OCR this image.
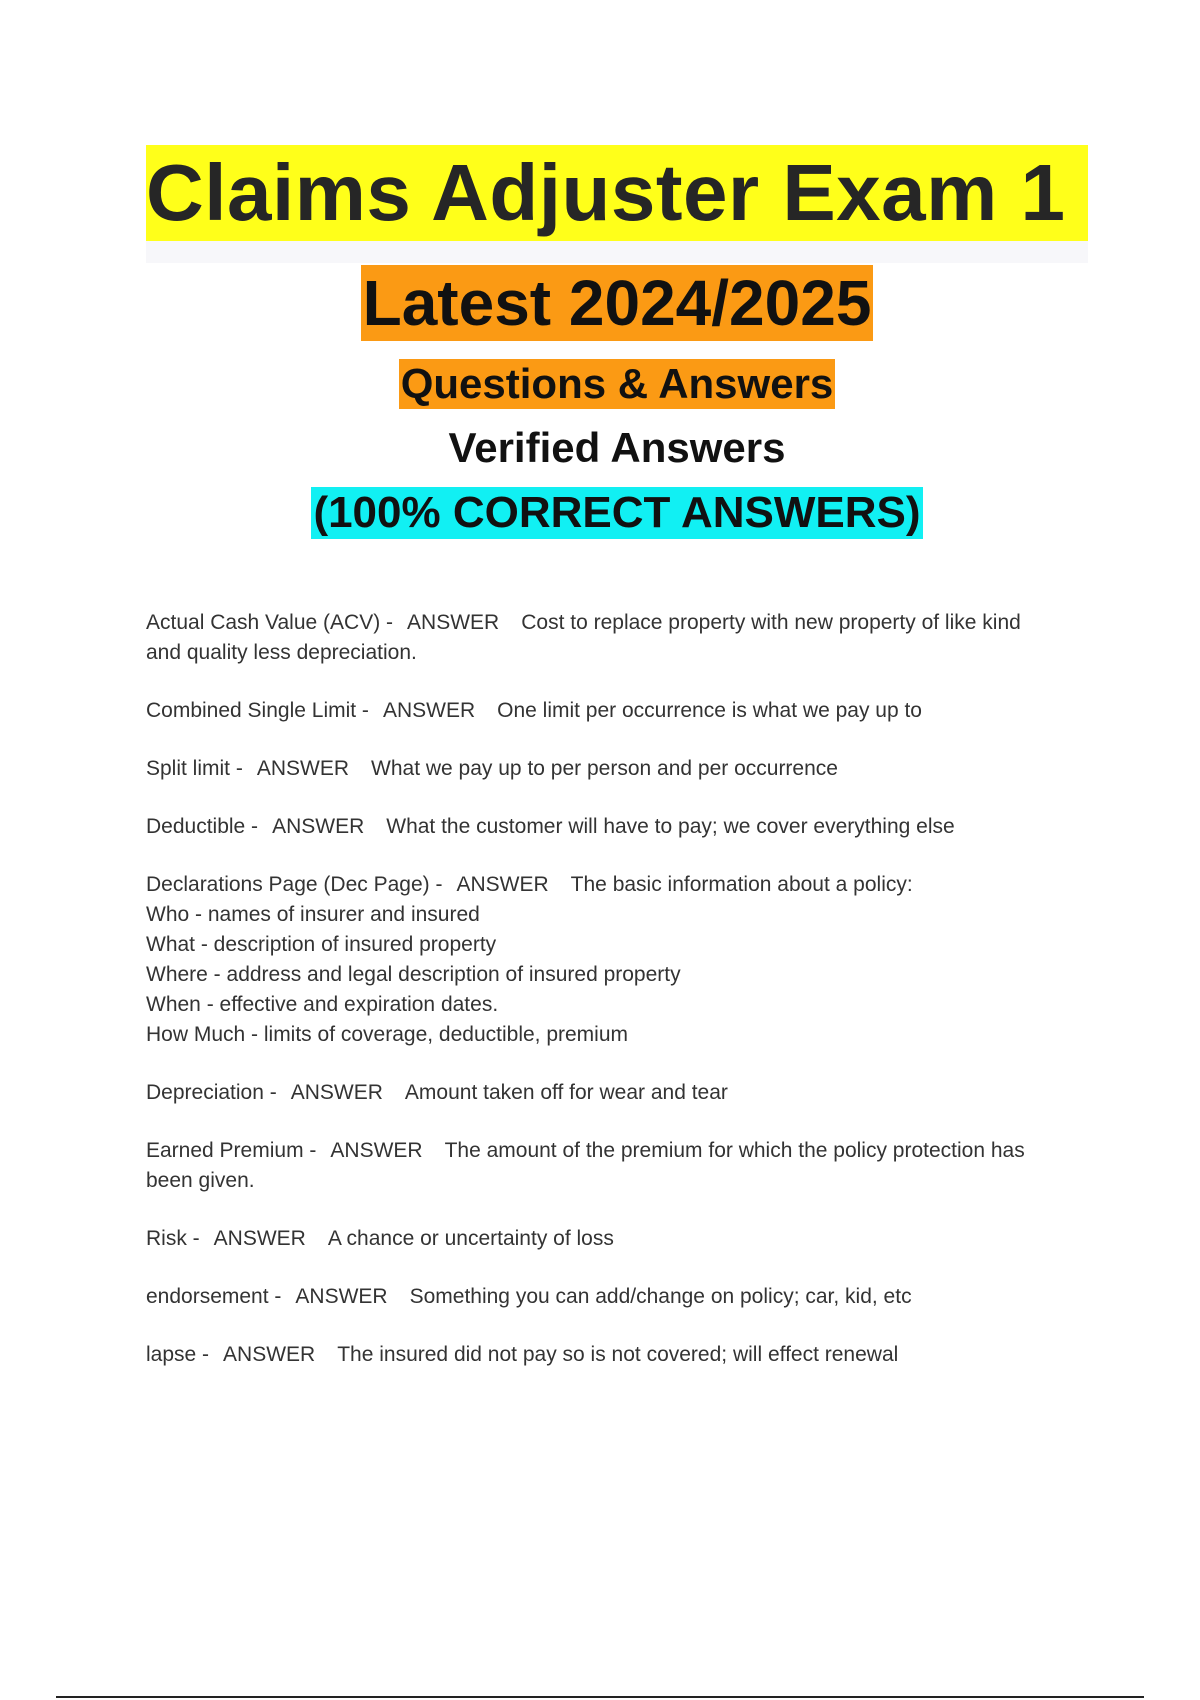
Claims Adjuster Exam 1
Latest 2024/2025
Questions & Answers
Verified Answers
(100% CORRECT ANSWERS)
Actual Cash Value (ACV) - ANSWER Cost to replace property with new property of like kind
and quality less depreciation.
Combined Single Limit - ANSWER One limit per occurrence is what we pay up to
Split limit - ANSWER What we pay up to per person and per occurrence
Deductible - ANSWER What the customer will have to pay; we cover everything else
Declarations Page (Dec Page) - ANSWER The basic information about a policy:
Who - names of insurer and insured
What - description of insured property
Where - address and legal description of insured property
When - effective and expiration dates.
How Much - limits of coverage, deductible, premium
Depreciation - ANSWER Amount taken off for wear and tear
Earned Premium - ANSWER The amount of the premium for which the policy protection has
been given.
Risk - ANSWER A chance or uncertainty of loss
endorsement - ANSWER Something you can add/change on policy; car, kid, etc
lapse - ANSWER The insured did not pay so is not covered; will effect renewal
